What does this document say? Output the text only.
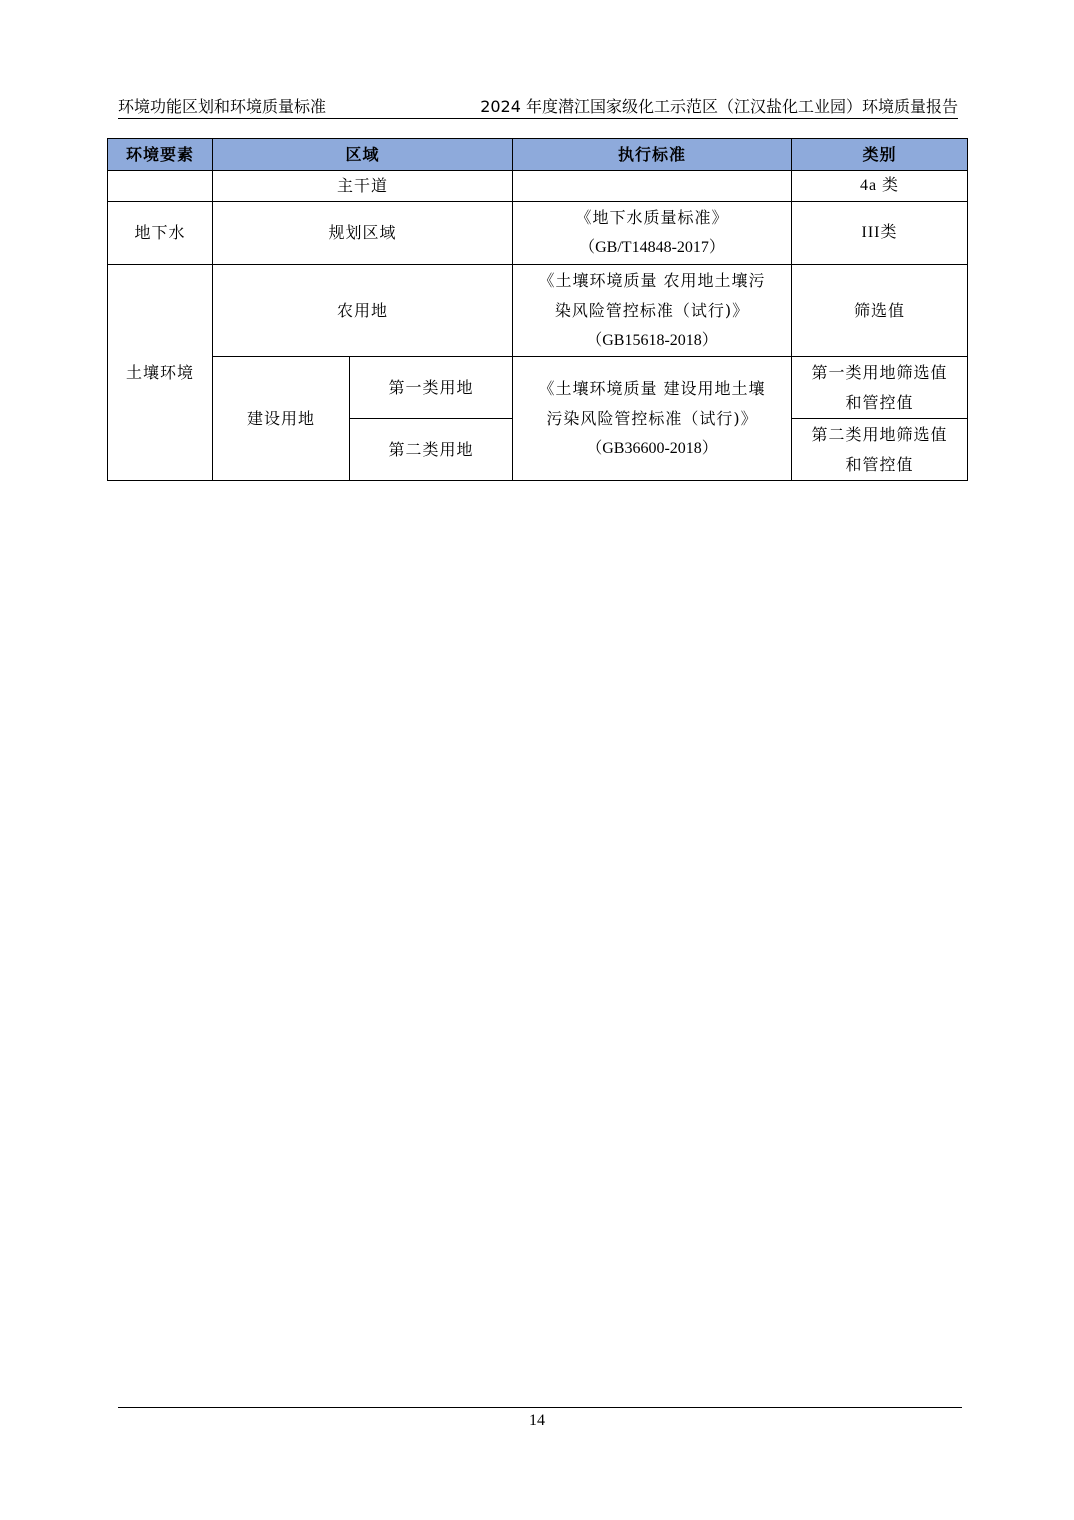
环境功能区划和环境质量标准	2024 年度潜江国家级化工示范区（江汉盐化工业园）环境质量报告
环境要素	区域		执行标准	类别
	主干道			4a 类
地下水	规划区域		《地下水质量标准》
（GB/T14848-2017）	III类
土壤环境	农用地		《土壤环境质量 农用地土壤污
染风险管控标准（试行)》
（GB15618-2018）	筛选值
	建设用地	第一类用地	《土壤环境质量 建设用地土壤
污染风险管控标准（试行)》
（GB36600-2018）	第一类用地筛选值
和管控值

		第二类用地		第二类用地筛选值
和管控值
14
